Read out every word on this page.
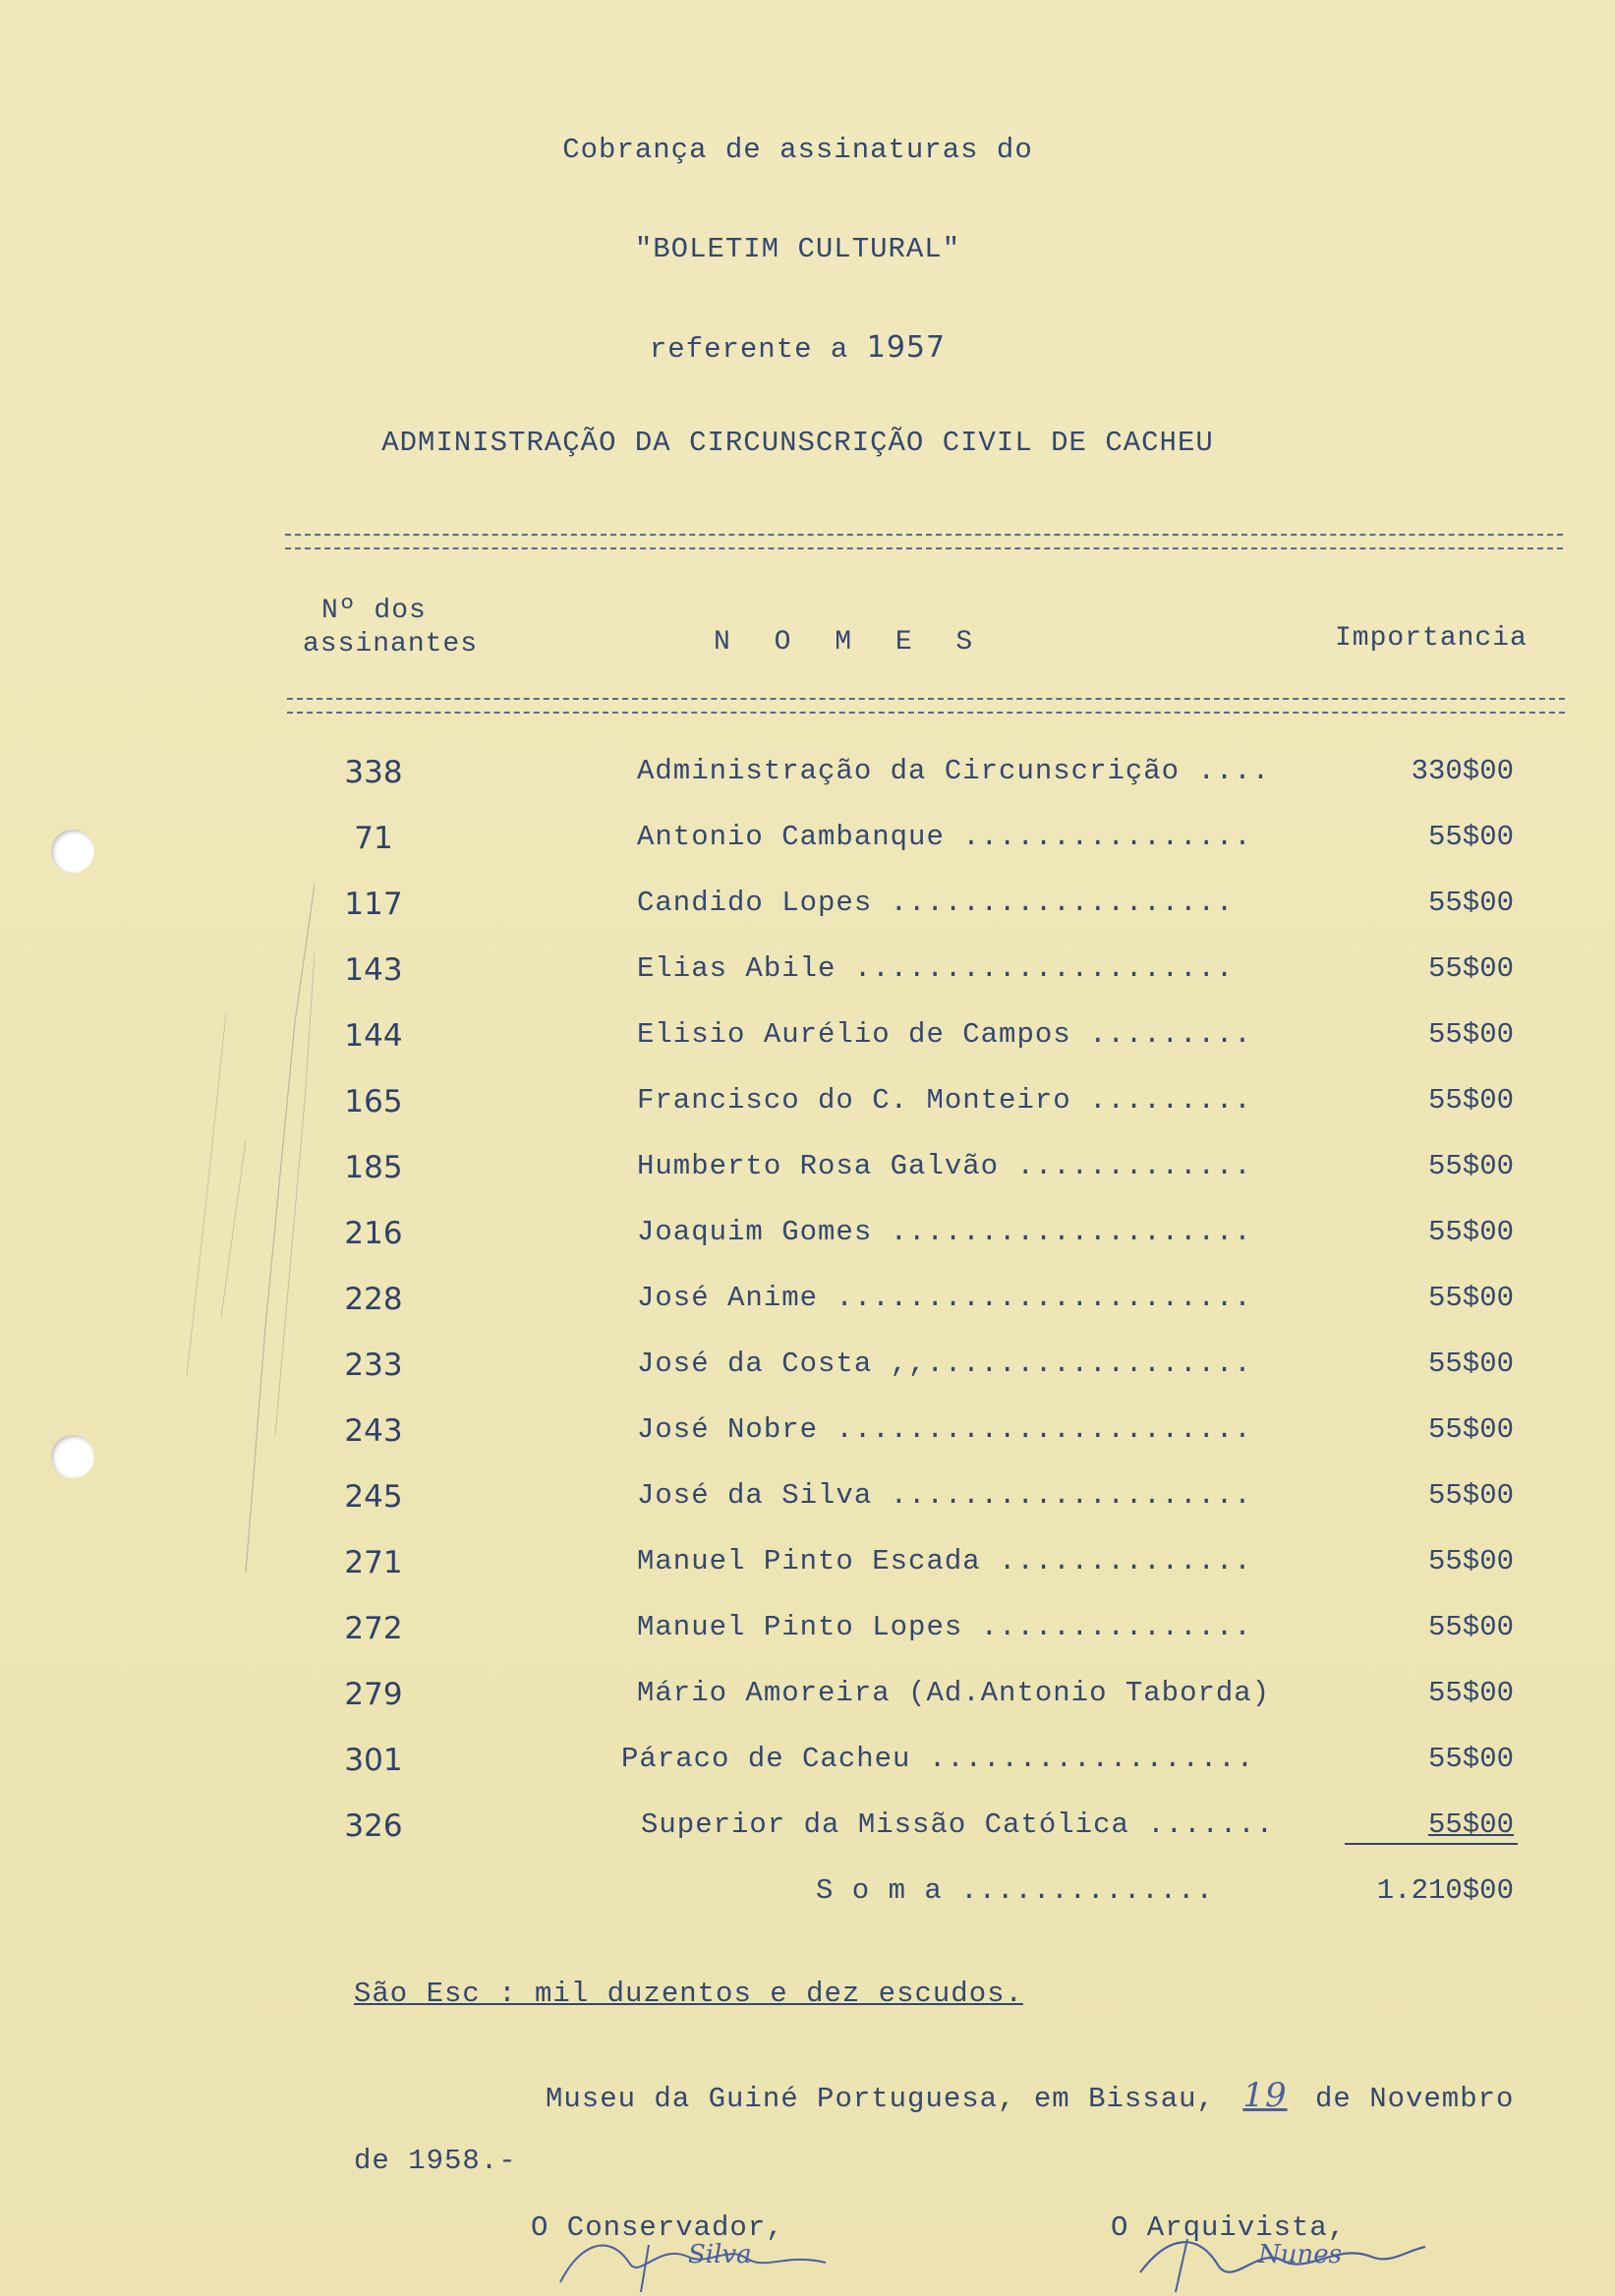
Cobrança de assinaturas do
"BOLETIM CULTURAL"
referente a 1957
ADMINISTRAÇÃO DA CIRCUNSCRIÇÃO CIVIL DE CACHEU
Nº dos
assinantes	N O M E S	Importancia
338	Administração da Circunscrição ....	330$00
71	Antonio Cambanque ................	55$00
117	Candido Lopes ...................	55$00
143	Elias Abile .....................	55$00
144	Elisio Aurélio de Campos .........	55$00
165	Francisco do C. Monteiro .........	55$00
185	Humberto Rosa Galvão .............	55$00
216	Joaquim Gomes ....................	55$00
228	José Anime .......................	55$00
233	José da Costa ,,..................	55$00
243	José Nobre .......................	55$00
245	José da Silva ....................	55$00
271	Manuel Pinto Escada ..............	55$00
272	Manuel Pinto Lopes ...............	55$00
279	Mário Amoreira (Ad.Antonio Taborda)	55$00
301	Páraco de Cacheu ..................	55$00
326	Superior da Missão Católica .......	55$00
S o m a ..............	1.210$00
São Esc : mil duzentos e dez escudos.
Museu da Guiné Portuguesa, em Bissau, 19 de Novembro
de 1958.-
O Conservador,	O Arquivista,
Silva	Nunes
